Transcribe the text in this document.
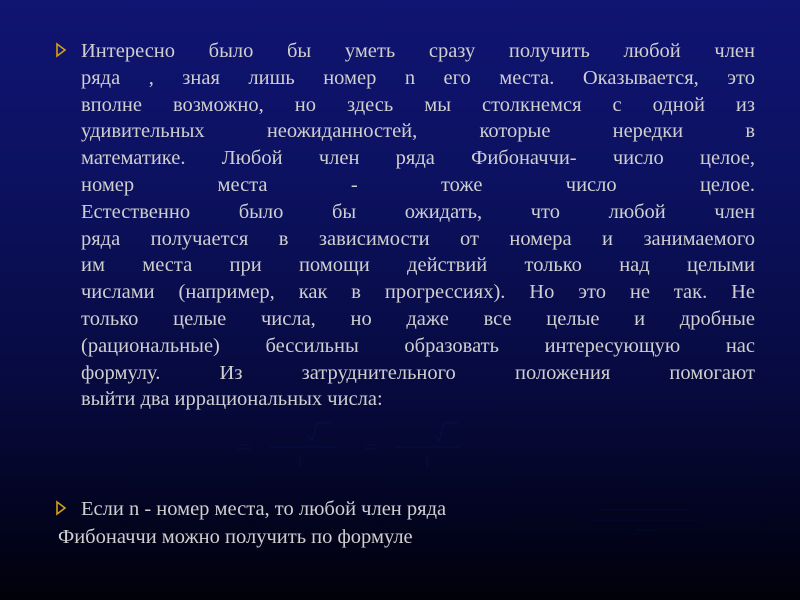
Интересно было бы уметь сразу получить любой член
ряда , зная лишь номер n его места. Оказывается, это
вполне возможно, но здесь мы столкнемся с одной из
удивительных неожиданностей, которые нередки в
математике. Любой член ряда Фибоначчи- число целое,
номер места - тоже число целое.
Естественно было бы ожидать, что любой член
ряда получается в зависимости от номера и занимаемого
им места при помощи действий только над целыми
числами (например, как в прогрессиях). Но это не так. Не
только целые числа, но даже все целые и дробные
(рациональные) бессильны образовать интересующую нас
формулу. Из затруднительного положения помогают
выйти два иррациональных числа:
Если n - номер места, то любой член ряда
Фибоначчи можно получить по формуле
